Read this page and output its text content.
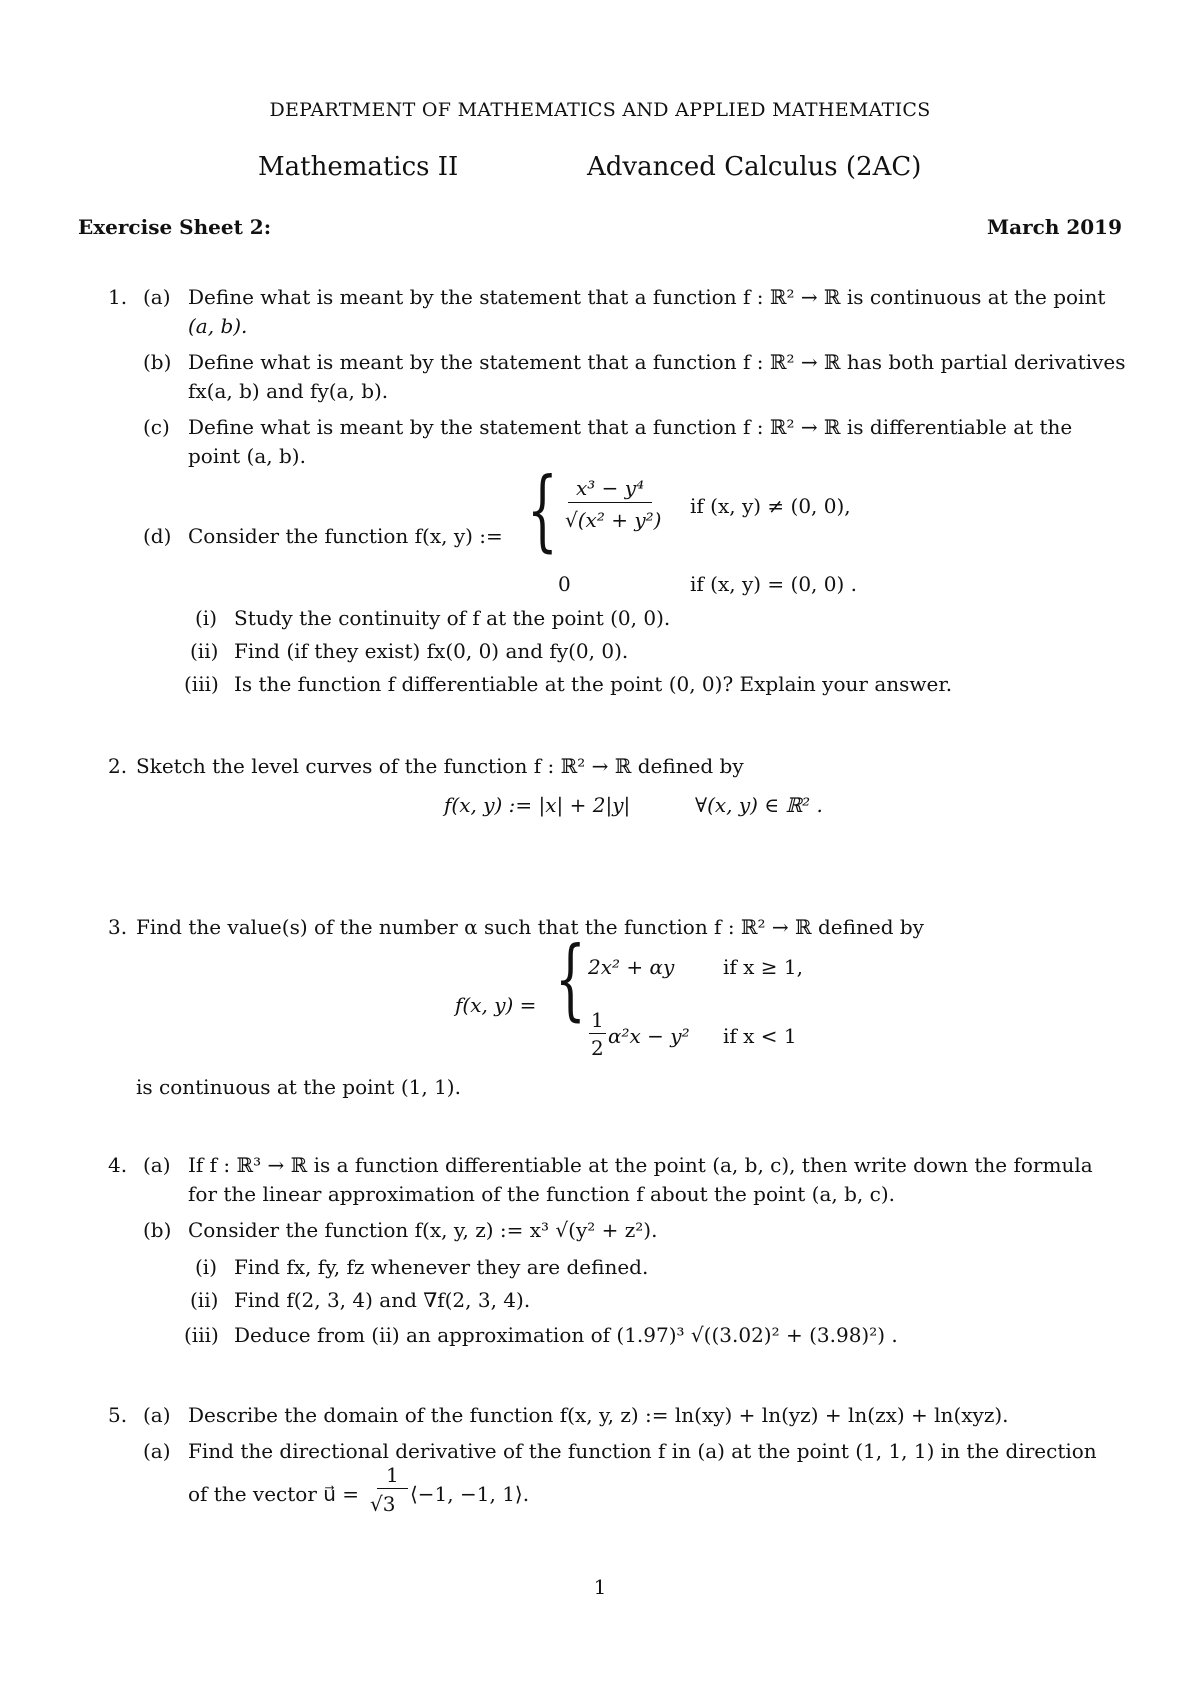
DEPARTMENT OF MATHEMATICS AND APPLIED MATHEMATICS
Mathematics II	Advanced Calculus (2AC)
Exercise Sheet 2:	March 2019
1. (a) Define what is meant by the statement that a function f : ℝ² → ℝ is continuous at the point
(a, b).
(b) Define what is meant by the statement that a function f : ℝ² → ℝ has both partial derivatives
fx(a, b) and fy(a, b).
(c) Define what is meant by the statement that a function f : ℝ² → ℝ is differentiable at the
point (a, b).
(d) Consider the function f(x, y) := { x³ − y⁴
√(x² + y²)
if (x, y) ≠ (0, 0),
0	if (x, y) = (0, 0) .
(i) Study the continuity of f at the point (0, 0).
(ii) Find (if they exist) fx(0, 0) and fy(0, 0).
(iii) Is the function f differentiable at the point (0, 0)? Explain your answer.
2. Sketch the level curves of the function f : ℝ² → ℝ defined by
f(x, y) := |x| + 2|y|	∀(x, y) ∈ ℝ² .
3. Find the value(s) of the number α such that the function f : ℝ² → ℝ defined by
f(x, y) = { 2x² + αy if x ≥ 1,
1
2 α²x − y² if x < 1
is continuous at the point (1, 1).
4. (a) If f : ℝ³ → ℝ is a function differentiable at the point (a, b, c), then write down the formula
for the linear approximation of the function f about the point (a, b, c).
(b) Consider the function f(x, y, z) := x³ √(y² + z²).
(i) Find fx, fy, fz whenever they are defined.
(ii) Find f(2, 3, 4) and ∇f(2, 3, 4).
(iii) Deduce from (ii) an approximation of (1.97)³ √((3.02)² + (3.98)²) .
5. (a) Describe the domain of the function f(x, y, z) := ln(xy) + ln(yz) + ln(zx) + ln(xyz).
(a) Find the directional derivative of the function f in (a) at the point (1, 1, 1) in the direction
of the vector u⃗ =
1
√3 ⟨−1, −1, 1⟩.
1
